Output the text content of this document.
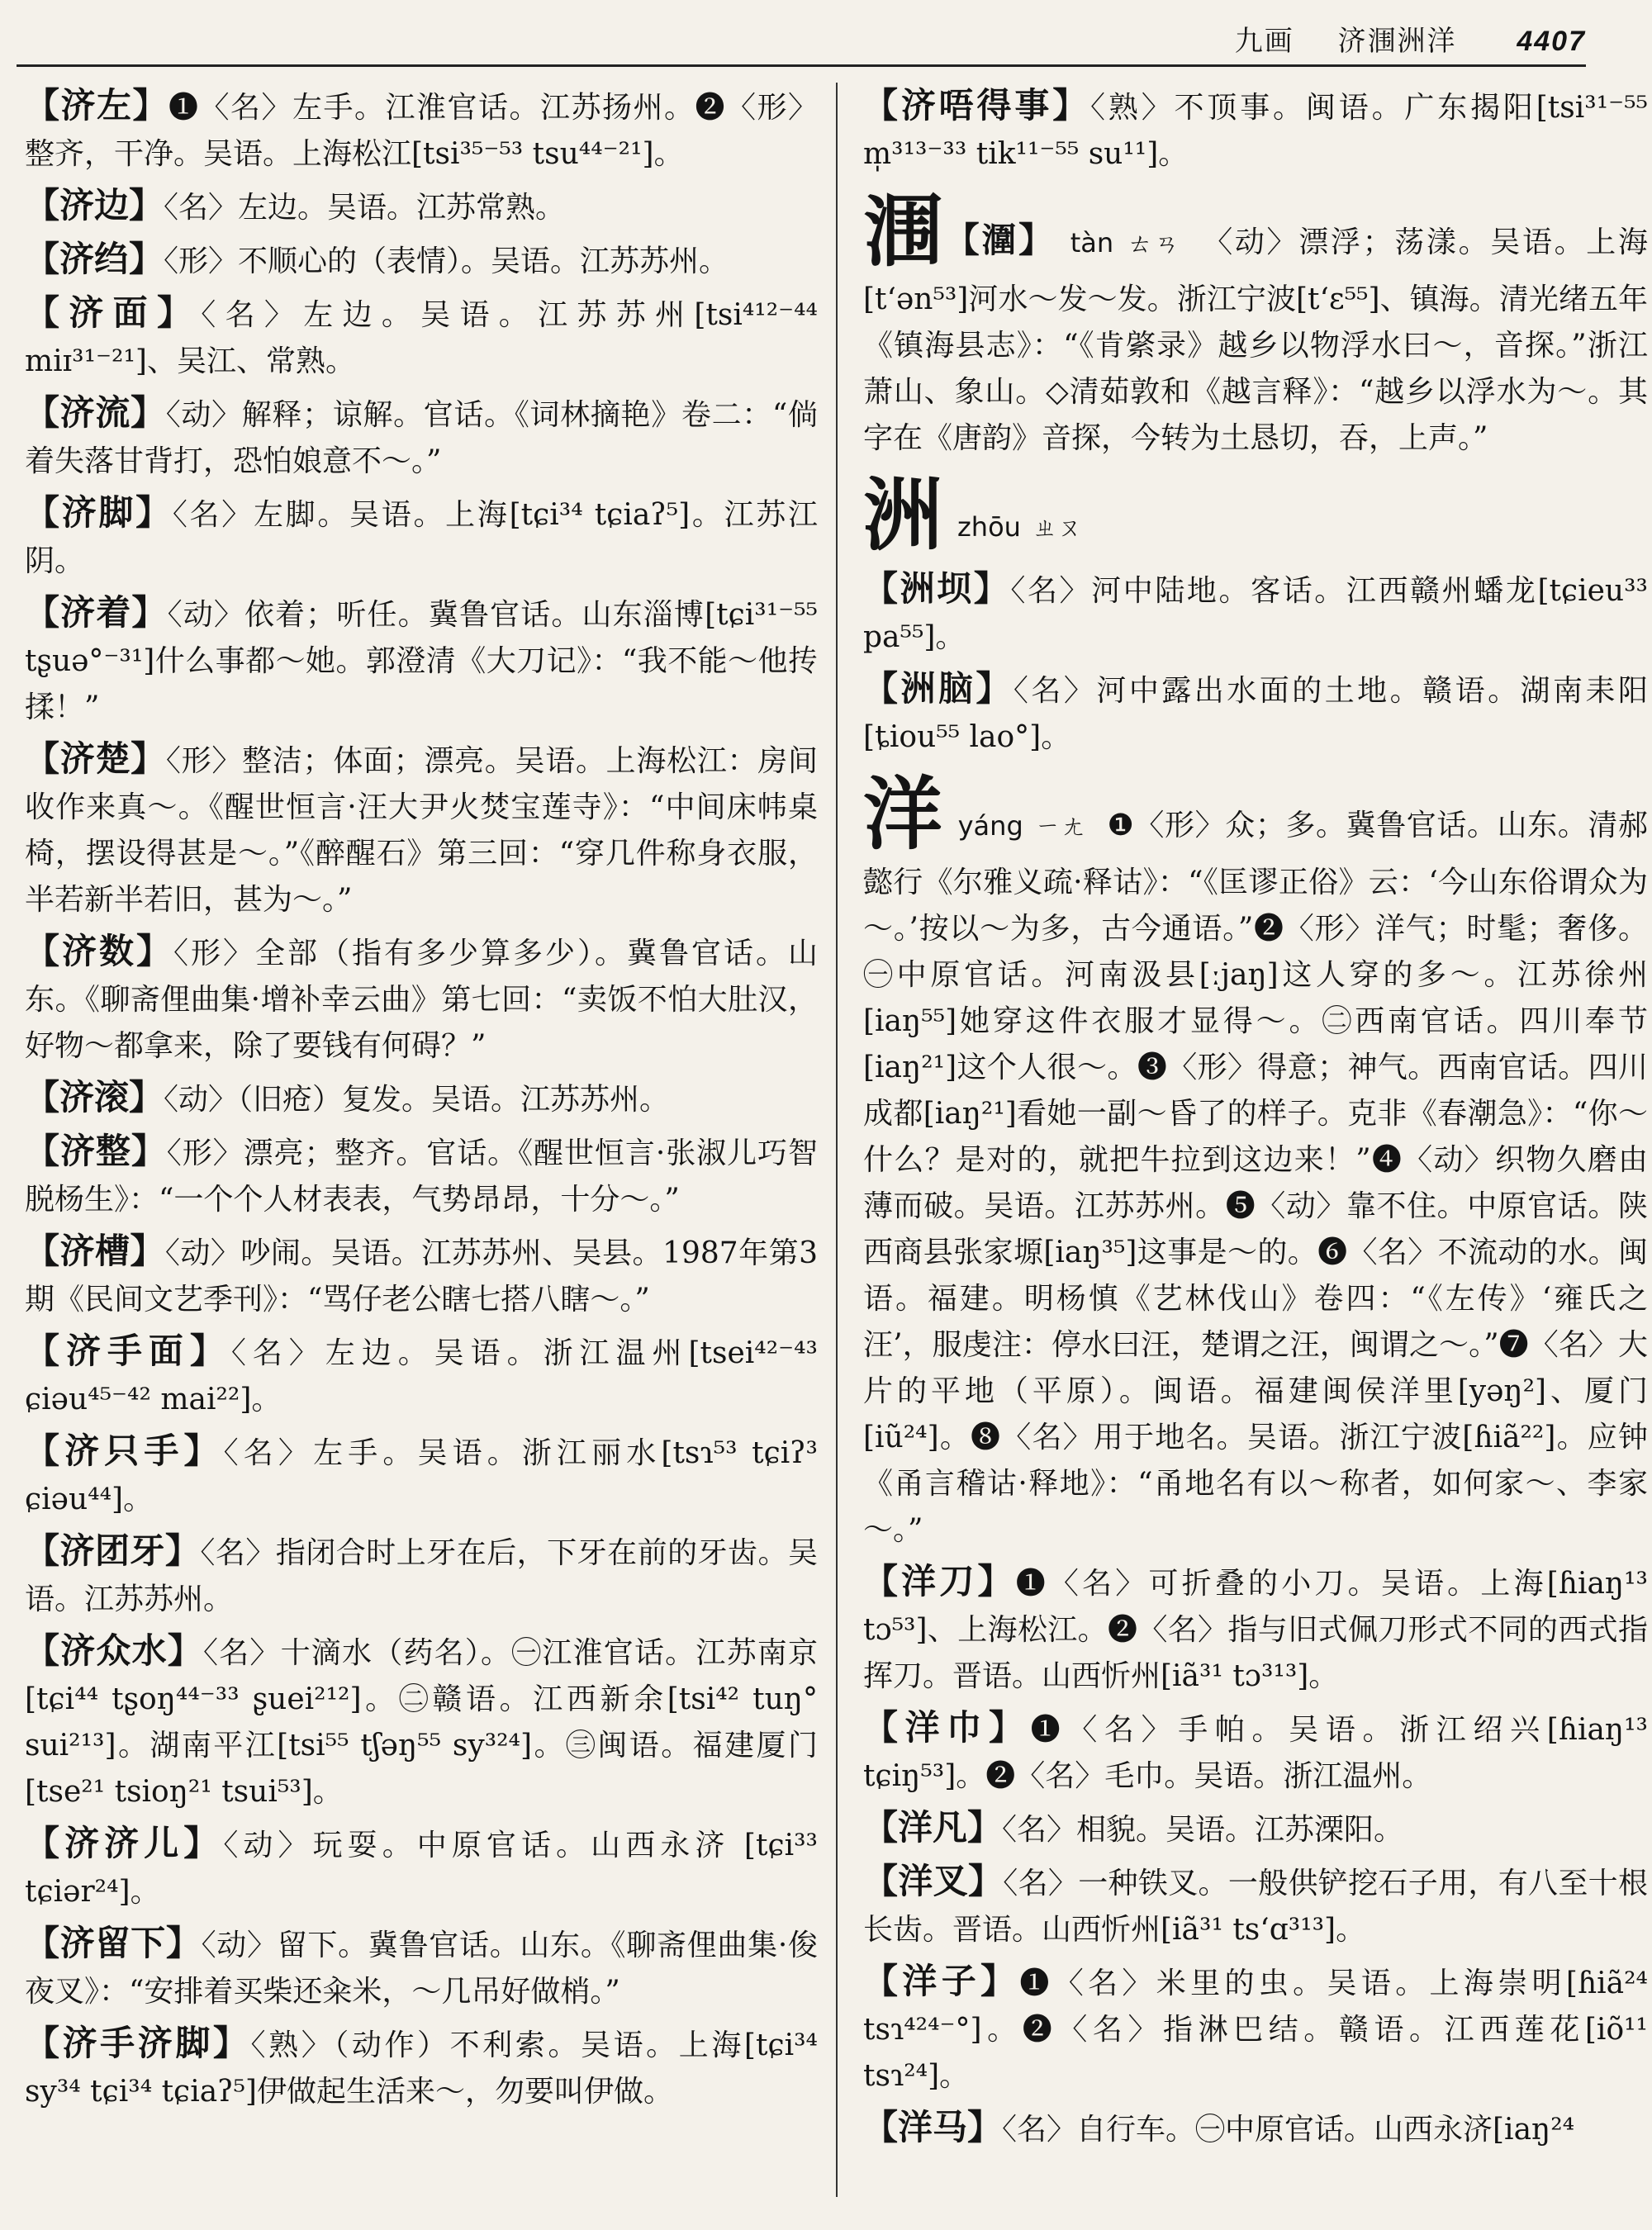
九画 济涠洲洋 4407
【济左】❶〈名〉左手。江淮官话。江苏扬州。❷〈形〉整齐，干净。吴语。上海松江[tsi³⁵⁻⁵³ tsu⁴⁴⁻²¹]。
【济边】〈名〉左边。吴语。江苏常熟。
【济绉】〈形〉不顺心的（表情）。吴语。江苏苏州。
【济面】〈名〉左边。吴语。江苏苏州[tsi⁴¹²⁻⁴⁴ miɪ³¹⁻²¹]、吴江、常熟。
【济流】〈动〉解释；谅解。官话。《词林摘艳》卷二：“倘着失落甘背打，恐怕娘意不～。”
【济脚】〈名〉左脚。吴语。上海[tɕi³⁴ tɕiaʔ⁵]。江苏江阴。
【济着】〈动〉依着；听任。冀鲁官话。山东淄博[tɕi³¹⁻⁵⁵ tʂuə°⁻³¹]什么事都～她。郭澄清《大刀记》：“我不能～他抟揉！”
【济楚】〈形〉整洁；体面；漂亮。吴语。上海松江：房间收作来真～。《醒世恒言·汪大尹火焚宝莲寺》：“中间床帏桌椅，摆设得甚是～。”《醉醒石》第三回：“穿几件称身衣服，半若新半若旧，甚为～。”
【济数】〈形〉全部（指有多少算多少）。冀鲁官话。山东。《聊斋俚曲集·增补幸云曲》第七回：“卖饭不怕大肚汉，好物～都拿来，除了要钱有何碍？”
【济滚】〈动〉（旧疮）复发。吴语。江苏苏州。
【济整】〈形〉漂亮；整齐。官话。《醒世恒言·张淑儿巧智脱杨生》：“一个个人材表表，气势昂昂，十分～。”
【济槽】〈动〉吵闹。吴语。江苏苏州、吴县。1987年第3期《民间文艺季刊》：“骂仔老公瞎七搭八瞎～。”
【济手面】〈名〉左边。吴语。浙江温州[tsei⁴²⁻⁴³ ɕiəu⁴⁵⁻⁴² mai²²]。
【济只手】〈名〉左手。吴语。浙江丽水[tsɿ⁵³ tɕiʔ³ ɕiəu⁴⁴]。
【济团牙】〈名〉指闭合时上牙在后，下牙在前的牙齿。吴语。江苏苏州。
【济众水】〈名〉十滴水（药名）。㊀江淮官话。江苏南京[tɕi⁴⁴ tʂoŋ⁴⁴⁻³³ ʂuei²¹²]。㊁赣语。江西新余[tsi⁴² tuŋ° sui²¹³]。湖南平江[tsi⁵⁵ tʃəŋ⁵⁵ sy³²⁴]。㊂闽语。福建厦门[tse²¹ tsioŋ²¹ tsui⁵³]。
【济济儿】〈动〉玩耍。中原官话。山西永济 [tɕi³³ tɕiər²⁴]。
【济留下】〈动〉留下。冀鲁官话。山东。《聊斋俚曲集·俊夜叉》：“安排着买柴还籴米，～几吊好做梢。”
【济手济脚】〈熟〉（动作）不利索。吴语。上海[tɕi³⁴ sy³⁴ tɕi³⁴ tɕiaʔ⁵]伊做起生活来～，勿要叫伊做。
【济唔得事】〈熟〉不顶事。闽语。广东揭阳[tsi³¹⁻⁵⁵ m̩³¹³⁻³³ tik¹¹⁻⁵⁵ su¹¹]。
涠【潿】 tàn ㄊㄢ 〈动〉漂浮；荡漾。吴语。上海[t‘ən⁵³]河水～发～发。浙江宁波[t‘ɛ⁵⁵]、镇海。清光绪五年《镇海县志》：“《肯綮录》越乡以物浮水曰～，音探。”浙江萧山、象山。◇清茹敦和《越言释》：“越乡以浮水为～。其字在《唐韵》音探，今转为土恳切，吞，上声。”
洲zhōu ㄓㄡ
【洲坝】〈名〉河中陆地。客话。江西赣州蟠龙[tɕieu³³ pa⁵⁵]。
【洲脑】〈名〉河中露出水面的土地。赣语。湖南耒阳[ȶiou⁵⁵ lao°]。
洋yáng ㄧㄤ ❶〈形〉众；多。冀鲁官话。山东。清郝懿行《尔雅义疏·释诂》：“《匡谬正俗》云：‘今山东俗谓众为～。’按以～为多，古今通语。”❷〈形〉洋气；时髦；奢侈。㊀中原官话。河南汲县[ːjaŋ]这人穿的多～。江苏徐州[iaŋ⁵⁵]她穿这件衣服才显得～。㊁西南官话。四川奉节[iaŋ²¹]这个人很～。❸〈形〉得意；神气。西南官话。四川成都[iaŋ²¹]看她一副～昏了的样子。克非《春潮急》：“你～什么？是对的，就把牛拉到这边来！”❹〈动〉织物久磨由薄而破。吴语。江苏苏州。❺〈动〉靠不住。中原官话。陕西商县张家塬[iaŋ³⁵]这事是～的。❻〈名〉不流动的水。闽语。福建。明杨慎《艺林伐山》卷四：“《左传》‘雍氏之汪’，服虔注：停水曰汪，楚谓之汪，闽谓之～。”❼〈名〉大片的平地（平原）。闽语。福建闽侯洋里[yəŋ²]、厦门[iũ²⁴]。❽〈名〉用于地名。吴语。浙江宁波[ɦiã²²]。应钟《甬言稽诂·释地》：“甬地名有以～称者，如何家～、李家～。”
【洋刀】❶〈名〉可折叠的小刀。吴语。上海[ɦiaŋ¹³ tɔ⁵³]、上海松江。❷〈名〉指与旧式佩刀形式不同的西式指挥刀。晋语。山西忻州[iã³¹ tɔ³¹³]。
【洋巾】❶〈名〉手帕。吴语。浙江绍兴[ɦiaŋ¹³ tɕiŋ⁵³]。❷〈名〉毛巾。吴语。浙江温州。
【洋凡】〈名〉相貌。吴语。江苏溧阳。
【洋叉】〈名〉一种铁叉。一般供铲挖石子用，有八至十根长齿。晋语。山西忻州[iã³¹ ts‘ɑ³¹³]。
【洋子】❶〈名〉米里的虫。吴语。上海崇明[ɦiã²⁴ tsɿ⁴²⁴⁻°]。❷〈名〉指淋巴结。赣语。江西莲花[iõ¹¹ tsɿ²⁴]。
【洋马】〈名〉自行车。㊀中原官话。山西永济[iaŋ²⁴
